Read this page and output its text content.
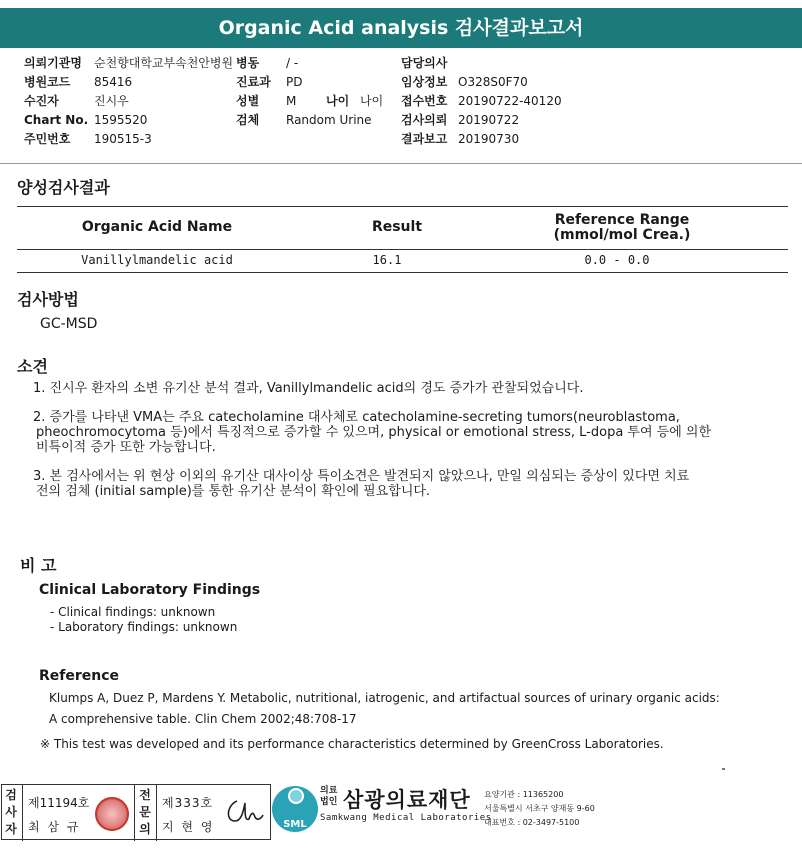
Organic Acid analysis 검사결과보고서
의뢰기관명 순천향대학교부속천안병원
병원코드 85416
수진자	진시우
Chart No. 1595520
주민번호 190515-3
병동 / -
진료과 PD
성별 M 나이 나이
검체 Random Urine
담당의사
임상정보 O328S0F70
접수번호 20190722-40120
검사의뢰 20190722
결과보고 20190730
양성검사결과
Organic Acid Name	Result	Reference Range
(mmol/mol Crea.)
Vanillylmandelic acid	16.1	0.0 - 0.0
검사방법
GC-MSD
소견
1. 진시우 환자의 소변 유기산 분석 결과, Vanillylmandelic acid의 경도 증가가 관찰되었습니다.
2. 증가를 나타낸 VMA는 주요 catecholamine 대사체로 catecholamine-secreting tumors(neuroblastoma,
pheochromocytoma 등)에서 특징적으로 증가할 수 있으며, physical or emotional stress, L-dopa 투여 등에 의한
비특이적 증가 또한 가능합니다.
3. 본 검사에서는 위 현상 이외의 유기산 대사이상 특이소견은 발견되지 않았으나, 만일 의심되는 증상이 있다면 치료
전의 검체 (initial sample)를 통한 유기산 분석이 확인에 필요합니다.
비 고
Clinical Laboratory Findings
- Clinical findings: unknown
- Laboratory findings: unknown
Reference
Klumps A, Duez P, Mardens Y. Metabolic, nutritional, iatrogenic, and artifactual sources of urinary organic acids:
A comprehensive table. Clin Chem 2002;48:708-17
※ This test was developed and its performance characteristics determined by GreenCross Laboratories.
검
사
자
제11194호
최 삼 규
전
문
의
제333호
지 현 영	SML
의료법인 삼광의료재단
Samkwang Medical Laboratories
요양기관 : 11365200
서울특별시 서초구 양재동 9-60
대표번호 : 02-3497-5100
